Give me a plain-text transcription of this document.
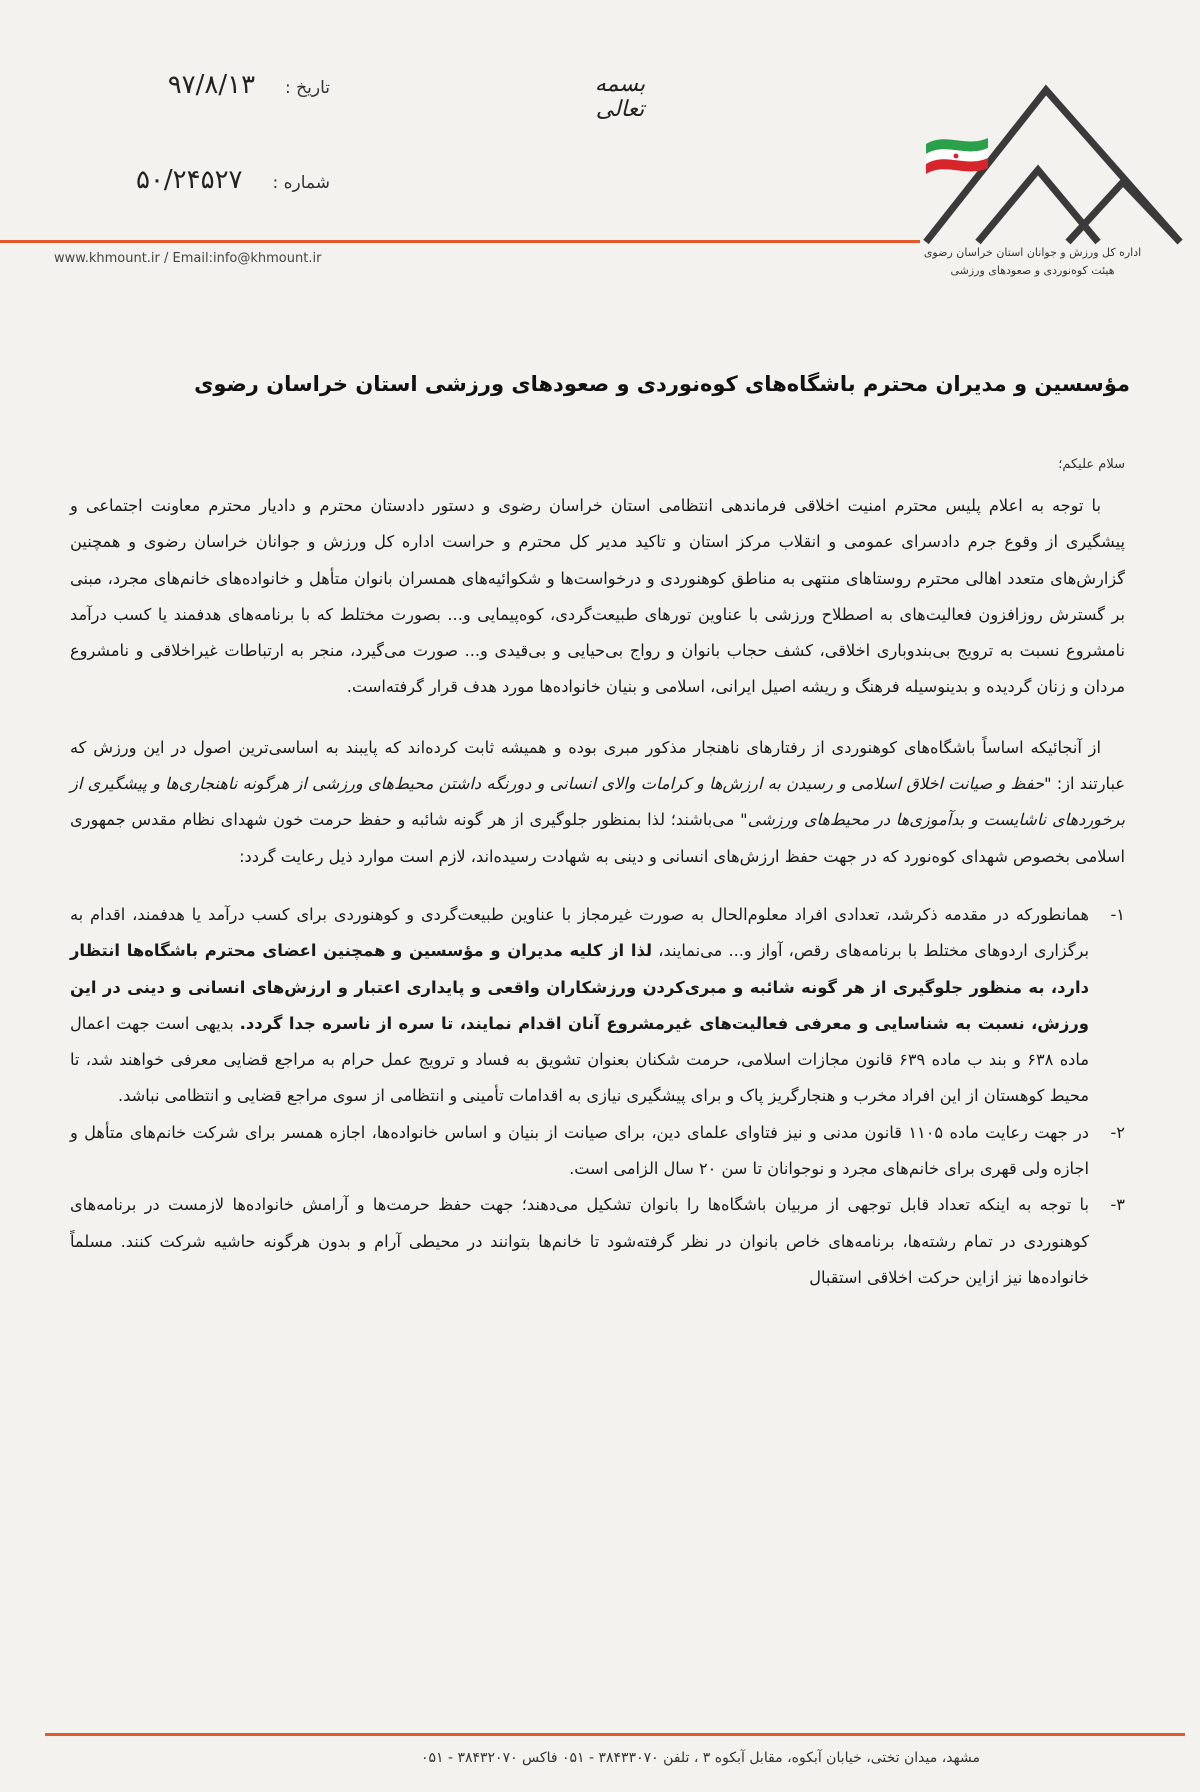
اداره کل ورزش و جوانان استان خراسان رضوی
هیئت کوه‌نوردی و صعودهای ورزشی
بسمه تعالی
تاریخ :
۹۷/۸/۱۳
شماره :
۵۰/۲۴۵۲۷
www.khmount.ir / Email:info@khmount.ir
مؤسسین و مدیران محترم باشگاه‌های کوه‌نوردی و صعودهای ورزشی استان خراسان رضوی
سلام علیکم؛

با توجه به اعلام پلیس محترم امنیت اخلاقی فرماندهی انتظامی استان خراسان رضوی و دستور دادستان محترم و دادیار محترم معاونت اجتماعی و پیشگیری از وقوع جرم دادسرای عمومی و انقلاب مرکز استان و تاکید مدیر کل محترم و حراست اداره کل ورزش و جوانان خراسان رضوی و همچنین گزارش‌های متعدد اهالی محترم روستاهای منتهی به مناطق کوهنوردی و درخواست‌ها و شکوائیه‌های همسران بانوان متأهل و خانواده‌های خانم‌های مجرد، مبنی بر گسترش روزافزون فعالیت‌های به اصطلاح ورزشی با عناوین تورهای طبیعت‌گردی، کوه‌پیمایی و... بصورت مختلط که با برنامه‌های هدفمند یا کسب درآمد نامشروع نسبت به ترویج بی‌بندوباری اخلاقی، کشف حجاب بانوان و رواج بی‌حیایی و بی‌قیدی و... صورت می‌گیرد، منجر به ارتباطات غیراخلاقی و نامشروع مردان و زنان گردیده و بدینوسیله فرهنگ و ریشه اصیل ایرانی، اسلامی و بنیان خانواده‌ها مورد هدف قرار گرفته‌است.

از آنجائیکه اساساً باشگاه‌های کوهنوردی از رفتارهای ناهنجار مذکور مبری بوده و همیشه ثابت کرده‌اند که پایبند به اساسی‌ترین اصول در این ورزش که عبارتند از: "حفظ و صیانت اخلاق اسلامی و رسیدن به ارزش‌ها و کرامات والای انسانی و دورنگه داشتن محیط‌های ورزشی از هرگونه ناهنجاری‌ها و پیشگیری از برخوردهای ناشایست و بدآموزی‌ها در محیط‌های ورزشی" می‌باشند؛ لذا بمنظور جلوگیری از هر گونه شائبه و حفظ حرمت خون شهدای نظام مقدس جمهوری اسلامی بخصوص شهدای کوه‌نورد که در جهت حفظ ارزش‌های انسانی و دینی به شهادت رسیده‌اند، لازم است موارد ذیل رعایت گردد:

۱-
همانطورکه در مقدمه ذکرشد، تعدادی افراد معلوم‌الحال به صورت غیرمجاز با عناوین طبیعت‌گردی و کوهنوردی برای کسب درآمد یا هدفمند، اقدام به برگزاری اردوهای مختلط با برنامه‌های رقص، آواز و... می‌نمایند، لذا از کلیه مدیران و مؤسسین و همچنین اعضای محترم باشگاه‌ها انتظار دارد، به منظور جلوگیری از هر گونه شائبه و مبری‌کردن ورزشکاران واقعی و پایداری اعتبار و ارزش‌های انسانی و دینی در این ورزش، نسبت به شناسایی و معرفی فعالیت‌های غیرمشروع آنان اقدام نمایند، تا سره از ناسره جدا گردد. بدیهی است جهت اعمال ماده ۶۳۸ و بند ب ماده ۶۳۹ قانون مجازات اسلامی، حرمت شکنان بعنوان تشویق به فساد و ترویج عمل حرام به مراجع قضایی معرفی خواهند شد، تا محیط کوهستان از این افراد مخرب و هنجارگریز پاک و برای پیشگیری نیازی به اقدامات تأمینی و انتظامی از سوی مراجع قضایی و انتظامی نباشد.
۲-
در جهت رعایت ماده ۱۱۰۵ قانون مدنی و نیز فتاوای علمای دین، برای صیانت از بنیان و اساس خانواده‌ها، اجازه همسر برای شرکت خانم‌های متأهل و اجازه ولی قهری برای خانم‌های مجرد و نوجوانان تا سن ۲۰ سال الزامی است.
۳-
با توجه به اینکه تعداد قابل توجهی از مربیان باشگاه‌ها را بانوان تشکیل می‌دهند؛ جهت حفظ حرمت‌ها و آرامش خانواده‌ها لازمست در برنامه‌های کوهنوردی در تمام رشته‌ها، برنامه‌های خاص بانوان در نظر گرفته‌شود تا خانم‌ها بتوانند در محیطی آرام و بدون هرگونه حاشیه شرکت کنند. مسلماً خانواده‌ها نیز ازاین حرکت اخلاقی استقبال
مشهد، میدان تختی، خیابان آبکوه، مقابل آبکوه ۳ ، تلفن ۳۸۴۳۳۰۷۰ - ۰۵۱ فاکس ۳۸۴۳۲۰۷۰ - ۰۵۱
